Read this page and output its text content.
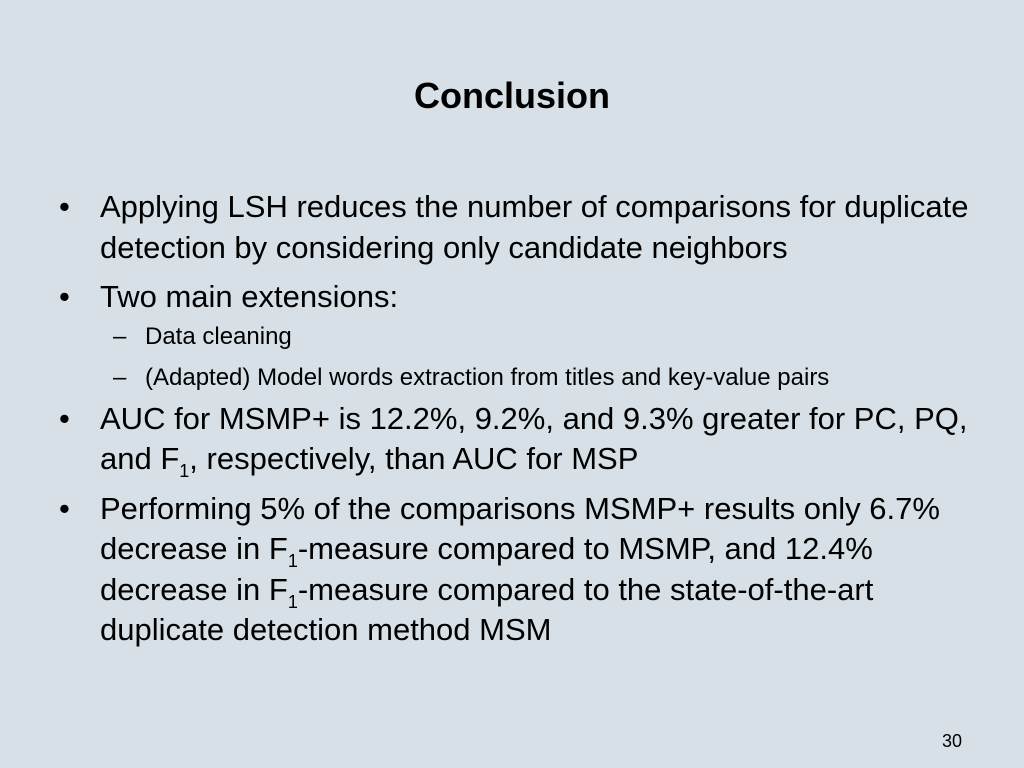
Conclusion
• Applying LSH reduces the number of comparisons for duplicate detection by considering only candidate neighbors
• Two main extensions:
– Data cleaning
– (Adapted) Model words extraction from titles and key-value pairs
• AUC for MSMP+ is 12.2%, 9.2%, and 9.3% greater for PC, PQ, and $F_1$, respectively, than AUC for MSP
• Performing 5% of the comparisons MSMP+ results only 6.7% decrease in $F_1$-measure compared to MSMP, and 12.4% decrease in $F_1$-measure compared to the state-of-the-art duplicate detection method MSM
30
